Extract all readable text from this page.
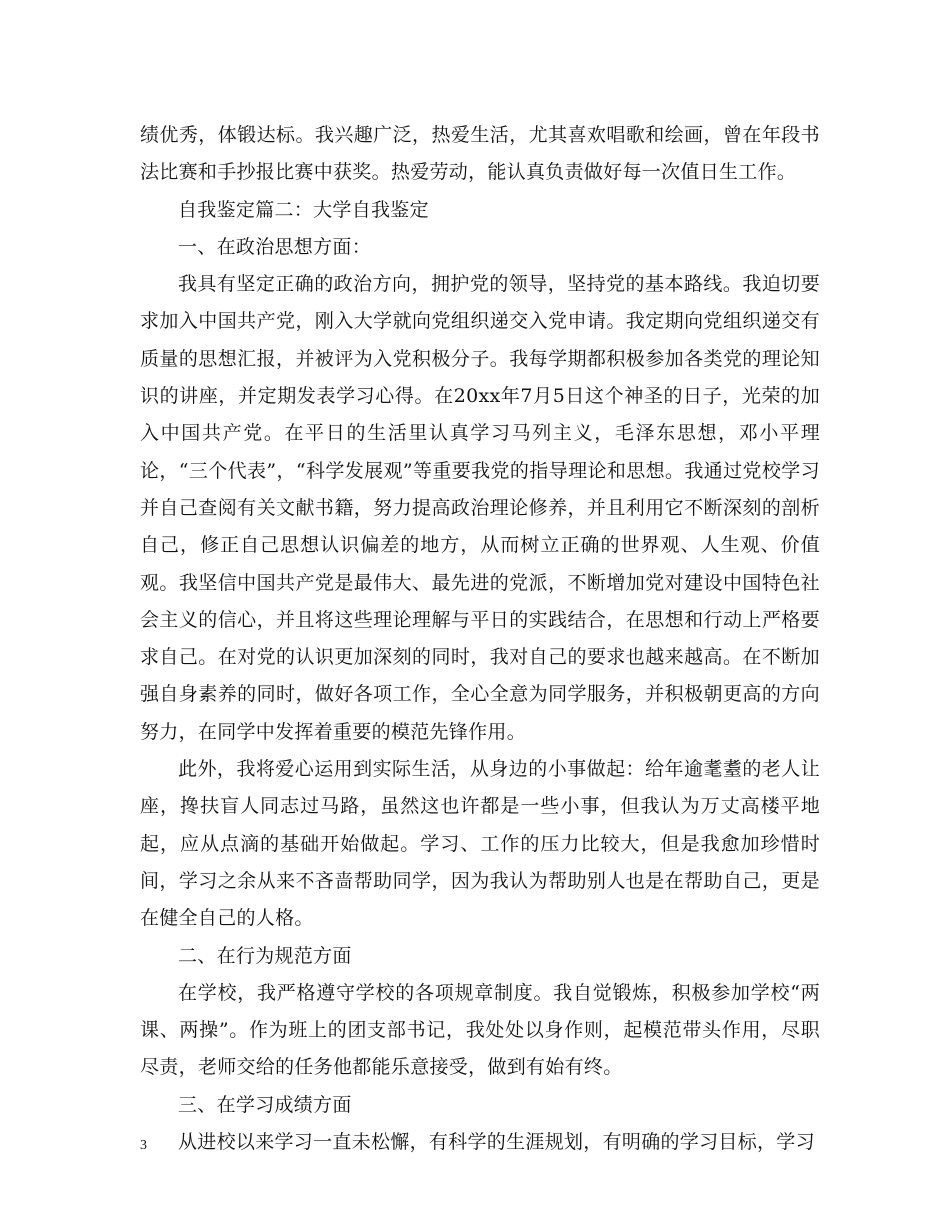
绩优秀，体锻达标。我兴趣广泛，热爱生活，尤其喜欢唱歌和绘画，曾在年段书法比赛和手抄报比赛中获奖。热爱劳动，能认真负责做好每一次值日生工作。

自我鉴定篇二：大学自我鉴定

一、在政治思想方面：

我具有坚定正确的政治方向，拥护党的领导，坚持党的基本路线。我迫切要求加入中国共产党，刚入大学就向党组织递交入党申请。我定期向党组织递交有质量的思想汇报，并被评为入党积极分子。我每学期都积极参加各类党的理论知识的讲座，并定期发表学习心得。在20xx年7月5日这个神圣的日子，光荣的加入中国共产党。在平日的生活里认真学习马列主义，毛泽东思想，邓小平理论，“三个代表”，“科学发展观”等重要我党的指导理论和思想。我通过党校学习并自己查阅有关文献书籍，努力提高政治理论修养，并且利用它不断深刻的剖析自己，修正自己思想认识偏差的地方，从而树立正确的世界观、人生观、价值观。我坚信中国共产党是最伟大、最先进的党派，不断增加党对建设中国特色社会主义的信心，并且将这些理论理解与平日的实践结合，在思想和行动上严格要求自己。在对党的认识更加深刻的同时，我对自己的要求也越来越高。在不断加强自身素养的同时，做好各项工作，全心全意为同学服务，并积极朝更高的方向努力，在同学中发挥着重要的模范先锋作用。

此外，我将爱心运用到实际生活，从身边的小事做起：给年逾耄耋的老人让座，搀扶盲人同志过马路，虽然这也许都是一些小事，但我认为万丈高楼平地起，应从点滴的基础开始做起。学习、工作的压力比较大，但是我愈加珍惜时间，学习之余从来不吝啬帮助同学，因为我认为帮助别人也是在帮助自己，更是在健全自己的人格。

二、在行为规范方面

在学校，我严格遵守学校的各项规章制度。我自觉锻炼，积极参加学校“两课、两操”。作为班上的团支部书记，我处处以身作则，起模范带头作用，尽职尽责，老师交给的任务他都能乐意接受，做到有始有终。

三、在学习成绩方面

从进校以来学习一直未松懈，有科学的生涯规划，有明确的学习目标，学习

3
